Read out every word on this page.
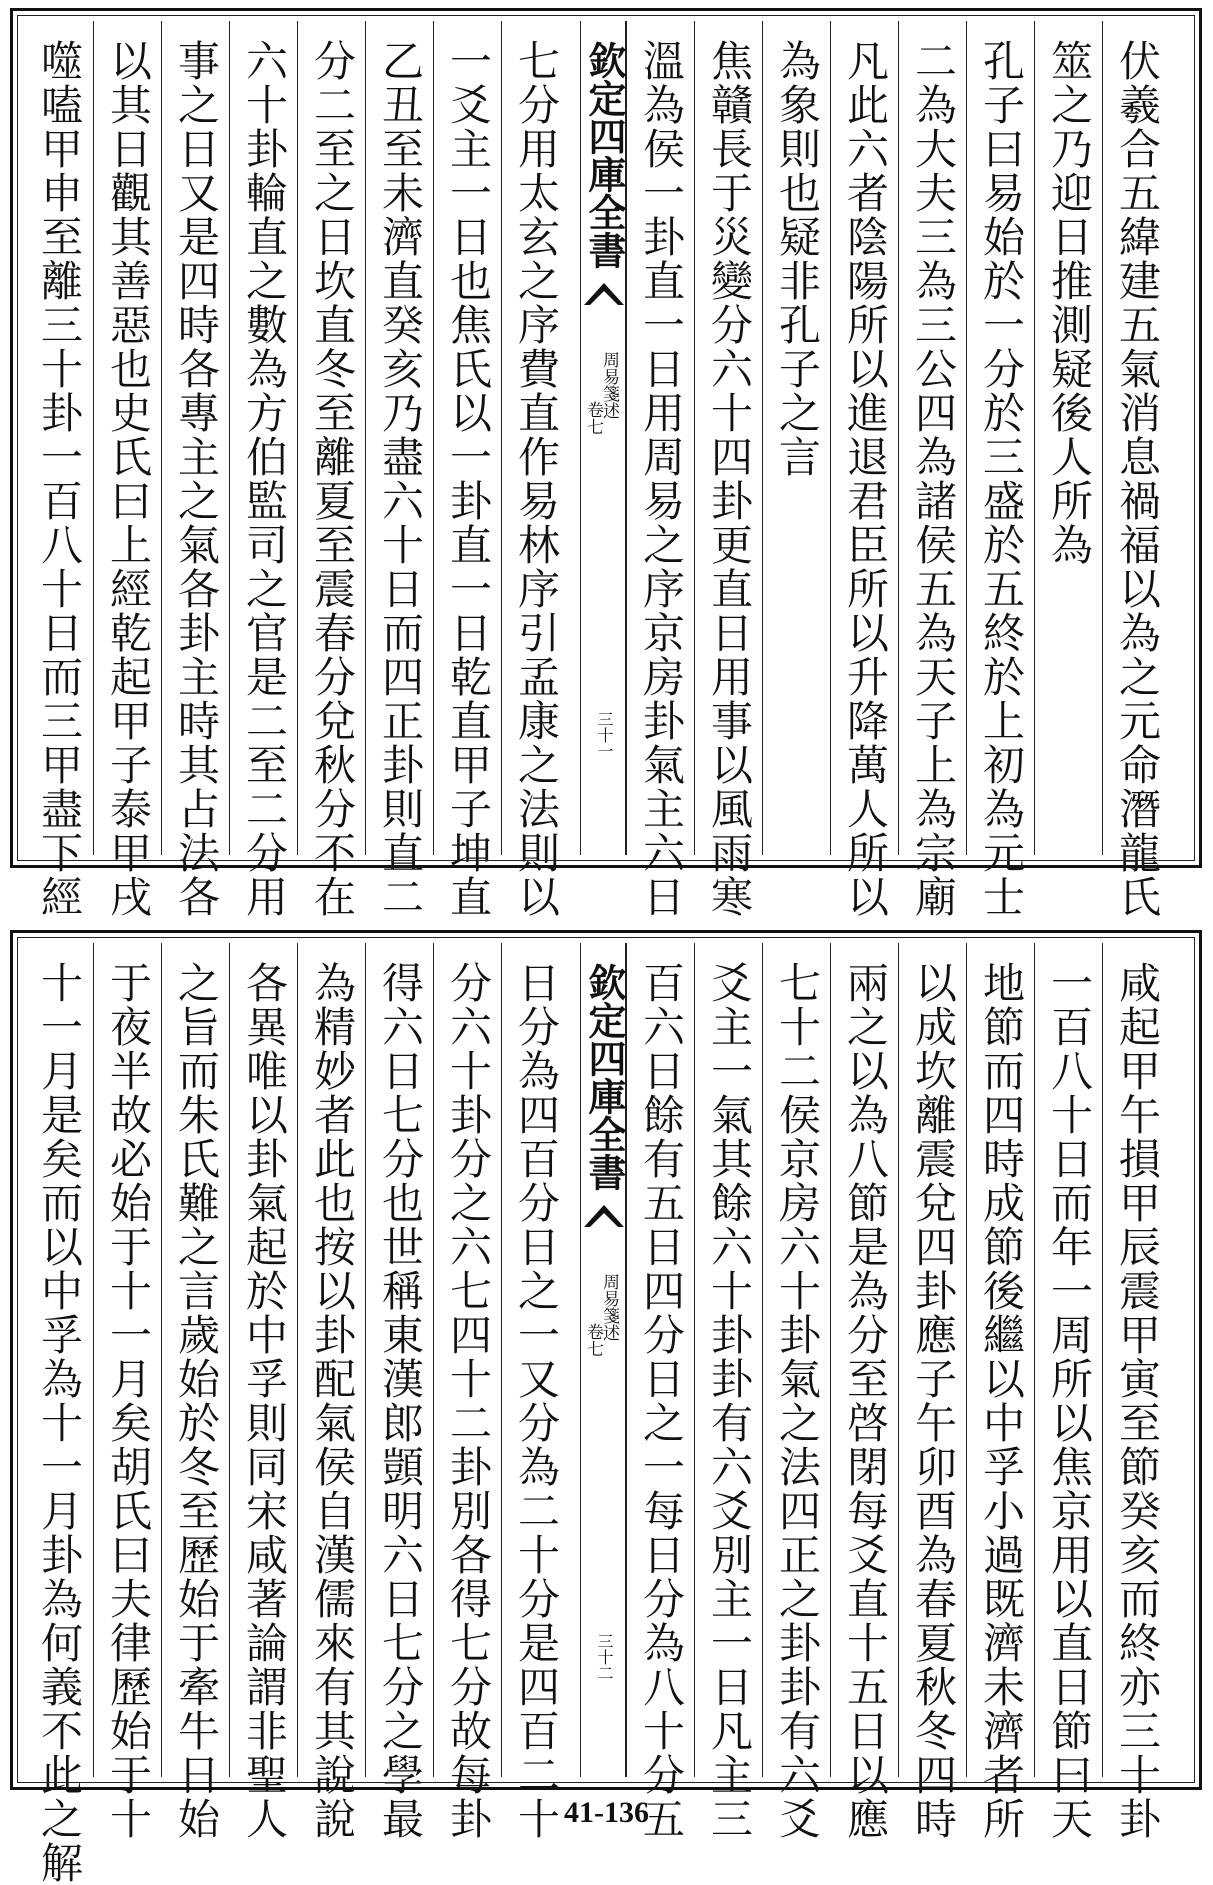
噬嗑甲申至離三十卦一百八十日而三甲盡下經 以其日觀其善惡也史氏曰上經乾起甲子泰甲戌 事之日又是四時各專主之氣各卦主時其占法各 六十卦輪直之數為方伯監司之官是二至二分用 分二至之日坎直冬至離夏至震春分兌秋分不在 乙丑至未濟直癸亥乃盡六十日而四正卦則直二 一爻主一日也焦氏以一卦直一日乾直甲子坤直 七分用太玄之序費直作易林序引孟康之法則以 欽定四庫全書
周易箋述
卷七
三十一 溫為侯一卦直一日用周易之序京房卦氣主六日 焦贛長于災變分六十四卦更直日用事以風雨寒 為象則也疑非孔子之言 凡此六者陰陽所以進退君臣所以升降萬人所以 二為大夫三為三公四為諸侯五為天子上為宗廟 孔子曰易始於一分於三盛於五終於上初為元士 筮之乃迎日推測疑後人所為 伏羲合五緯建五氣消息禍福以為之元命潛龍氏
十一月是矣而以中孚為十一月卦為何義不此之解 于夜半故必始于十一月矣胡氏曰夫律歷始于十 之旨而朱氏難之言歲始於冬至歷始于牽牛日始 各異唯以卦氣起於中孚則同宋咸著論謂非聖人 為精妙者此也按以卦配氣侯自漢儒來有其說說 得六日七分也世稱東漢郎顗明六日七分之學最 分六十卦分之六七四十二卦別各得七分故每卦 日分為四百分日之一又分為二十分是四百二十 欽定四庫全書
周易箋述
卷七
三十二 百六日餘有五日四分日之一每日分為八十分五 爻主一氣其餘六十卦卦有六爻別主一日凡主三 七十二侯京房六十卦氣之法四正之卦卦有六爻 兩之以為八節是為分至啓閉每爻直十五日以應 以成坎離震兌四卦應子午卯酉為春夏秋冬四時 地節而四時成節後繼以中孚小過既濟未濟者所 一百八十日而年一周所以焦京用以直日節曰天 咸起甲午損甲辰震甲寅至節癸亥而終亦三十卦
41-136
